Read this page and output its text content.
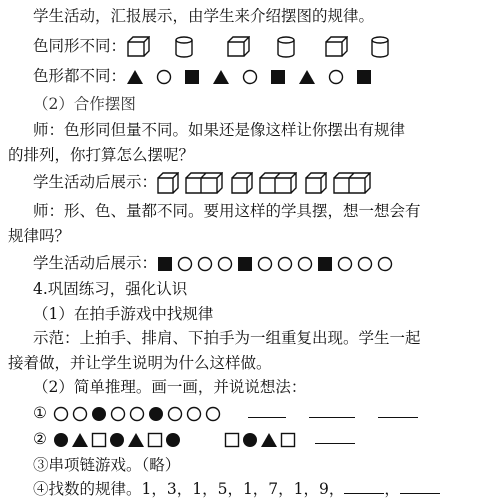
学生活动，汇报展示，由学生来介绍摆图的规律。
色同形不同：
色形都不同：
（2）合作摆图
师：色形同但量不同。如果还是像这样让你摆出有规律
的排列，你打算怎么摆呢？
学生活动后展示：
师：形、色、量都不同。要用这样的学具摆，想一想会有
规律吗？
学生活动后展示：
4.巩固练习，强化认识
（1）在拍手游戏中找规律
示范：上拍手、排肩、下拍手为一组重复出现。学生一起
接着做，并让学生说明为什么这样做。
（2）简单推理。画一画，并说说想法：
①

②

③串项链游戏。（略）
④找数的规律。1，3，1，5，1，7，1，9，	，
